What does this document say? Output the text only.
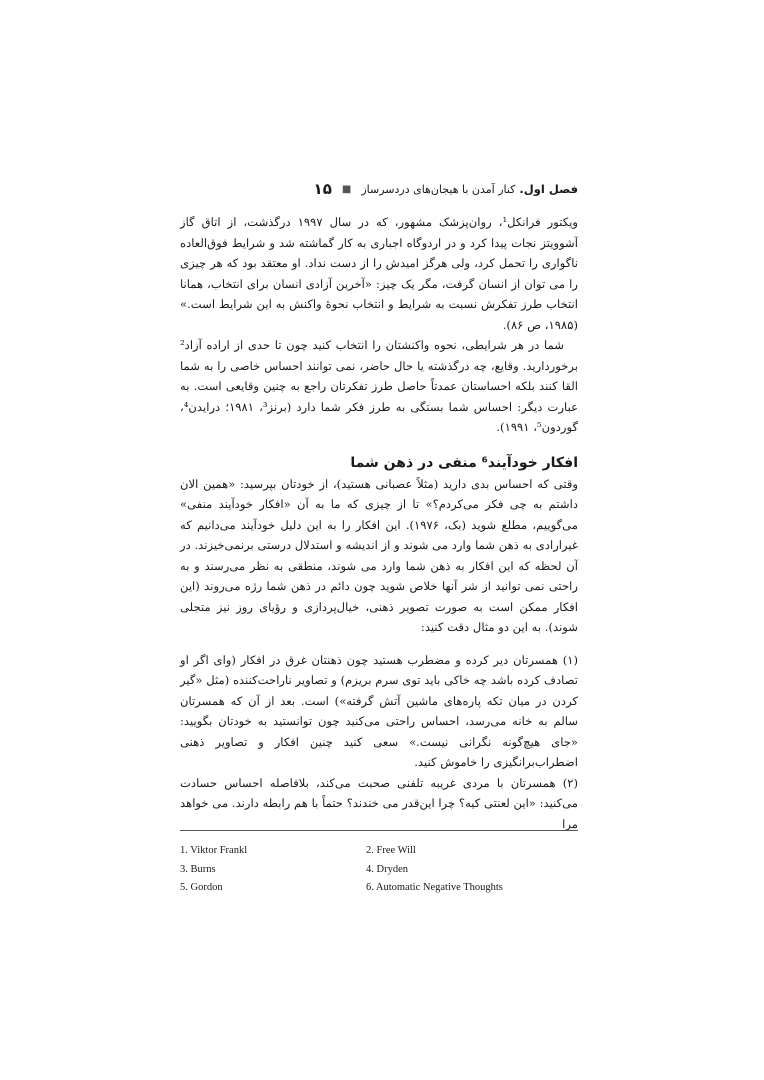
فصل اول.
کنار آمدن با هیجان‌های دردسرساز
■
۱۵

ویکتور فرانکل¹، روان‌پزشک مشهور، که در سال ۱۹۹۷ درگذشت، از اتاق گاز آشوویتز نجات پیدا کرد و در اردوگاه اجباری به کار گماشته شد و شرایط فوق‌العاده ناگواری را تحمل کرد، ولی هرگز امیدش را از دست نداد. او معتقد بود که هر چیزی را می توان از انسان گرفت، مگر یک چیز: «آخرین آزادی انسان برای انتخاب، همانا انتخاب طرز تفکرش نسبت به شرایط و انتخاب نحوهٔ واکنش به این شرایط است.» (۱۹۸۵، ص ۸۶).

شما در هر شرایطی، نحوه واکنشتان را انتخاب کنید چون تا حدی از اراده آزاد² برخوردارید. وقایع، چه درگذشته یا حال حاضر، نمی توانند احساس خاصی را به شما القا کنند بلکه احساستان عمدتاً حاصل طرز تفکرتان راجع به چنین وقایعی است. به عبارت دیگر: احساس شما بستگی به طرز فکر شما دارد (برنز³، ۱۹۸۱؛ درایدن⁴، گوردون⁵، ۱۹۹۱).

افکار خودآیند⁶ منفی در ذهن شما

وقتی که احساس بدی دارید (مثلاً عصبانی هستید)، از خودتان بپرسید: «همین الان داشتم به چی فکر می‌کردم؟» تا از چیزی که ما به آن «افکار خودآیند منفی» می‌گوییم، مطلع شوید (بک، ۱۹۷۶). این افکار را به این دلیل خودآیند می‌دانیم که غیرارادی به ذهن شما وارد می شوند و از اندیشه و استدلال درستی برنمی‌خیزند. در آن لحظه که این افکار به ذهن شما وارد می شوند، منطقی به نظر می‌رسند و به راحتی نمی توانید از شر آنها خلاص شوید چون دائم در ذهن شما رژه می‌روند (این افکار ممکن است به صورت تصویر ذهنی، خیال‌پردازی و رؤیای روز نیز متجلی شوند). به این دو مثال دقت کنید:

(۱) همسرتان دیر کرده و مضطرب هستید چون ذهنتان غرق در افکار (وای اگر او تصادف کرده باشد چه خاکی باید توی سرم بریزم) و تصاویر ناراحت‌کننده (مثل «گیر کردن در میان تکه پاره‌های ماشین آتش گرفته») است. بعد از آن که همسرتان سالم به خانه می‌رسد، احساس راحتی می‌کنید چون توانستید به خودتان بگویید: «جای هیچ‌گونه نگرانی نیست.» سعی کنید چنین افکار و تصاویر ذهنی اضطراب‌برانگیزی را خاموش کنید.

(۲) همسرتان با مردی غریبه تلفنی صحبت می‌کند، بلافاصله احساس حسادت می‌کنید: «این لعنتی کیه؟ چرا این‌قدر می خندند؟ حتماً با هم رابطه دارند. می خواهد مرا

1. Viktor Frankl	2. Free Will
3. Burns	4. Dryden
5. Gordon	6. Automatic Negative Thoughts
